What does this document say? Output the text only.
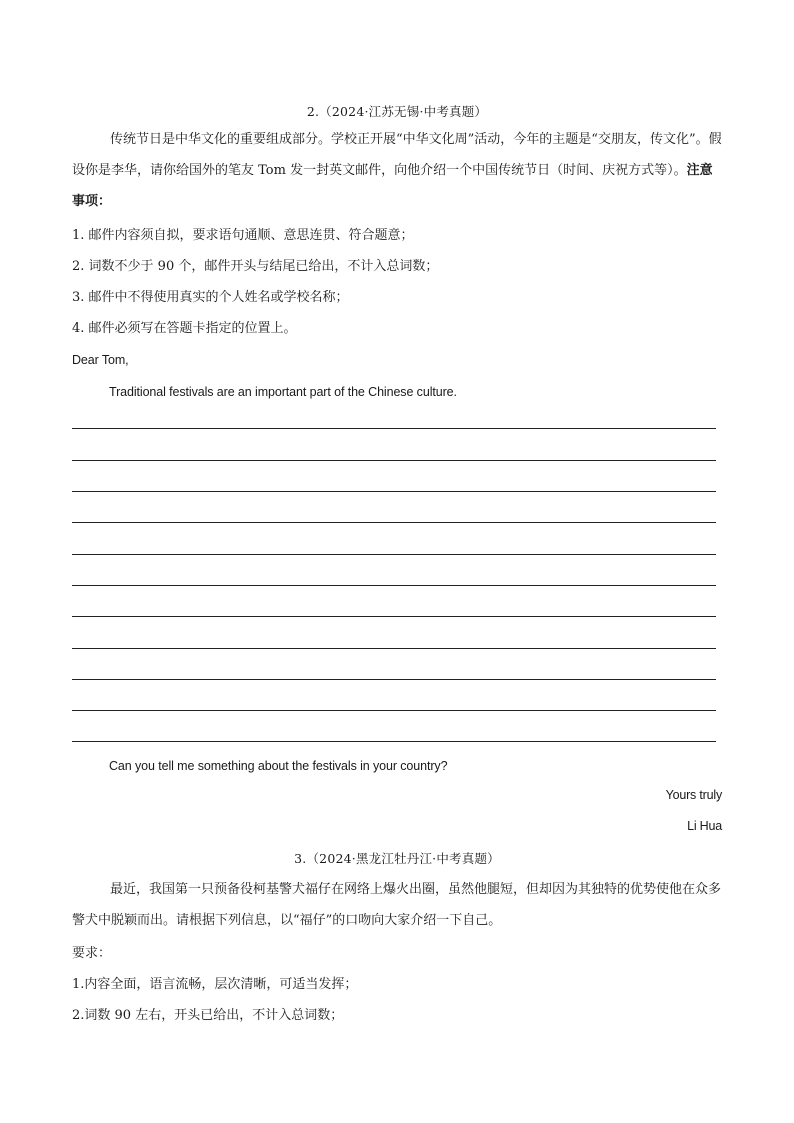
2.（2024·江苏无锡·中考真题）
传统节日是中华文化的重要组成部分。学校正开展“中华文化周”活动，今年的主题是“交朋友，传文化”。假设你是李华，请你给国外的笔友 Tom 发一封英文邮件，向他介绍一个中国传统节日（时间、庆祝方式等）。注意事项：
1. 邮件内容须自拟，要求语句通顺、意思连贯、符合题意；
2. 词数不少于 90 个，邮件开头与结尾已给出，不计入总词数；
3. 邮件中不得使用真实的个人姓名或学校名称；
4. 邮件必须写在答题卡指定的位置上。
Dear Tom,
Traditional festivals are an important part of the Chinese culture.
Can you tell me something about the festivals in your country?
Yours truly
Li Hua
3.（2024·黑龙江牡丹江·中考真题）
最近，我国第一只预备役柯基警犬福仔在网络上爆火出圈，虽然他腿短，但却因为其独特的优势使他在众多警犬中脱颖而出。请根据下列信息，以“福仔”的口吻向大家介绍一下自己。
要求：
1.内容全面，语言流畅，层次清晰，可适当发挥；
2.词数 90 左右，开头已给出，不计入总词数；
